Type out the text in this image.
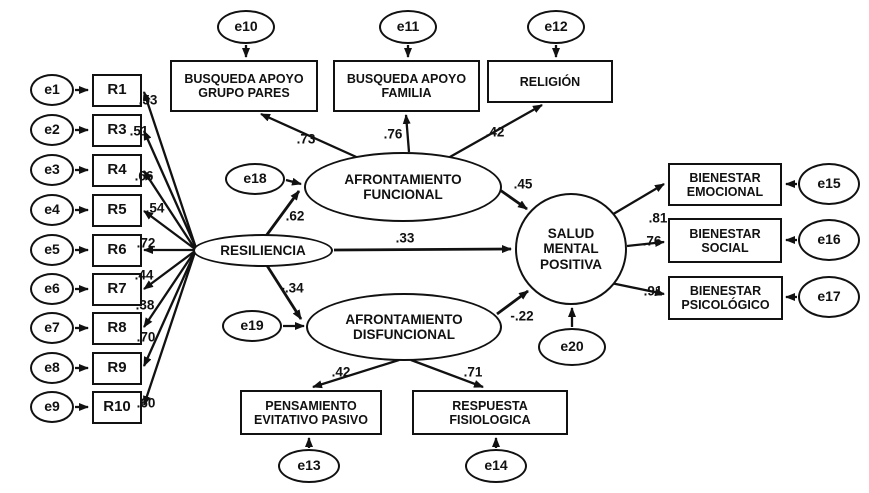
e1
e2
e3
e4
e5
e6
e7
e8
e9
R1
R3
R4
R5
R6
R7
R8
R9
R10
e10	e11	e12
BUSQUEDA APOYO
GRUPO PARES
BUSQUEDA APOYO
FAMILIA
RELIGIÓN
e18	AFRONTAMIENTO
FUNCIONAL
RESILIENCIA
e19	AFRONTAMIENTO
DISFUNCIONAL
SALUD
MENTAL
POSITIVA
e20
PENSAMIENTO
EVITATIVO PASIVO
RESPUESTA
FISIOLOGICA
e13	e14
BIENESTAR
EMOCIONAL
BIENESTAR
SOCIAL
BIENESTAR
PSICOLÓGICO
e15
e16
e17
.53
.51
.66
.54
.72
.44
.38
.70
.60
.73	.76	.42
.62
.33
-.34
.45
-.22
.42	.71
.81
.76
.91
